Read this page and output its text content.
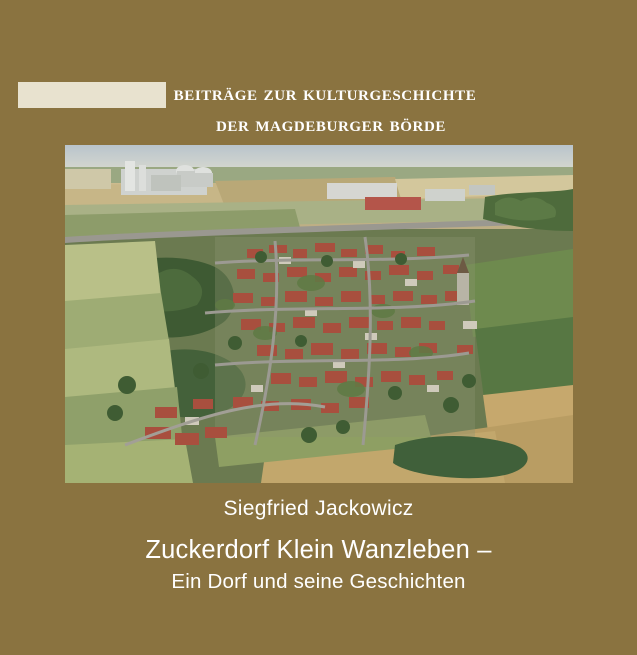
beiträge zur kulturgeschichte
der magdeburger börde
Siegfried Jackowicz
Zuckerdorf Klein Wanzleben –
Ein Dorf und seine Geschichten
